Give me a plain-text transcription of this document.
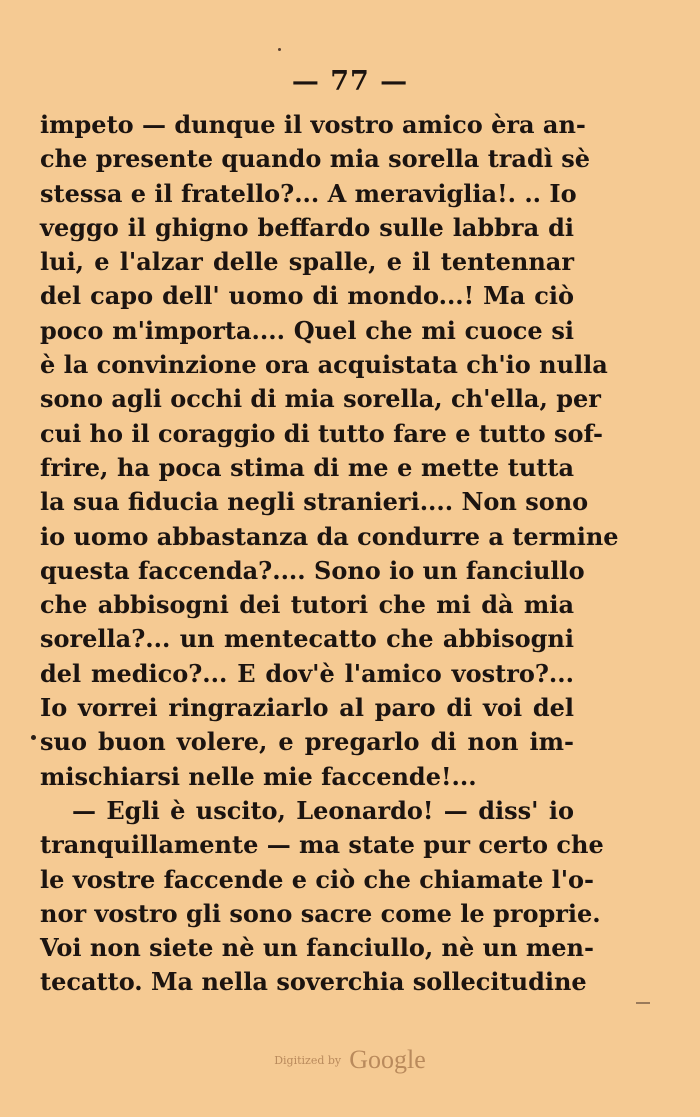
— 77 —
impeto — dunque il vostro amico èra an-
che presente quando mia sorella tradì sè
stessa e il fratello?... A meraviglia!. .. Io
veggo il ghigno beffardo sulle labbra di
lui, e l'alzar delle spalle, e il tentennar
del capo dell' uomo di mondo...! Ma ciò
poco m'importa.... Quel che mi cuoce si
è la convinzione ora acquistata ch'io nulla
sono agli occhi di mia sorella, ch'ella, per
cui ho il coraggio di tutto fare e tutto sof-
frire, ha poca stima di me e mette tutta
la sua fiducia negli stranieri.... Non sono
io uomo abbastanza da condurre a termine
questa faccenda?.... Sono io un fanciullo
che abbisogni dei tutori che mi dà mia
sorella?... un mentecatto che abbisogni
del medico?... E dov'è l'amico vostro?...
Io vorrei ringraziarlo al paro di voi del
suo buon volere, e pregarlo di non im-
mischiarsi nelle mie faccende!...
— Egli è uscito, Leonardo! — diss' io
tranquillamente — ma state pur certo che
le vostre faccende e ciò che chiamate l'o-
nor vostro gli sono sacre come le proprie.
Voi non siete nè un fanciullo, nè un men-
tecatto. Ma nella soverchia sollecitudine
Digitized by Google
